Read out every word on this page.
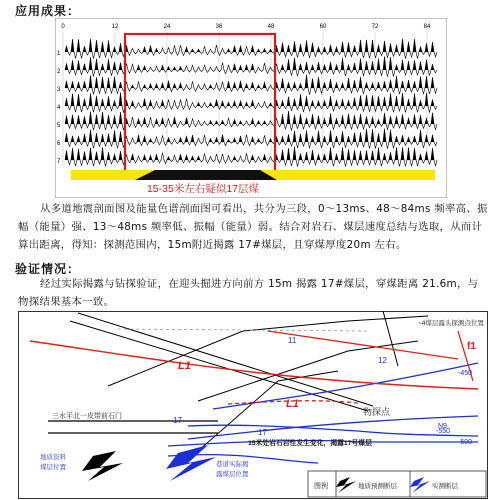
应用成果：
0	12	24	36	48	60	72	84
1
2
3
4
5
6
7
15-35米左右疑似17层煤
从多道地震剖面图及能量色谱剖面图可看出，共分为三段，0～13ms、48～84ms 频率高、振幅（能量）强、13～48ms 频率低、振幅（能量）弱。结合对岩石、煤层速度总结与选取，从而计算出距离，得知：探测范围内，15m附近揭露 17#煤层，且穿煤厚度20m 左右。
验证情况：
经过实际揭露与钻探验证，在迎头掘进方向前方 15m 揭露 17#煤层，穿煤距离 21.6m，与物探结果基本一致。
~4煤层露头探测点位置
11
12
17
17
L1
L1
f1
-450
-500
-550
三水平北一皮带前石门	物探点
N9
15米处岩石岩性发生变化，揭露17号煤层
地质资料煤层位置	巷道实际揭露煤层位置
图例	地质预测断层	实测断层
